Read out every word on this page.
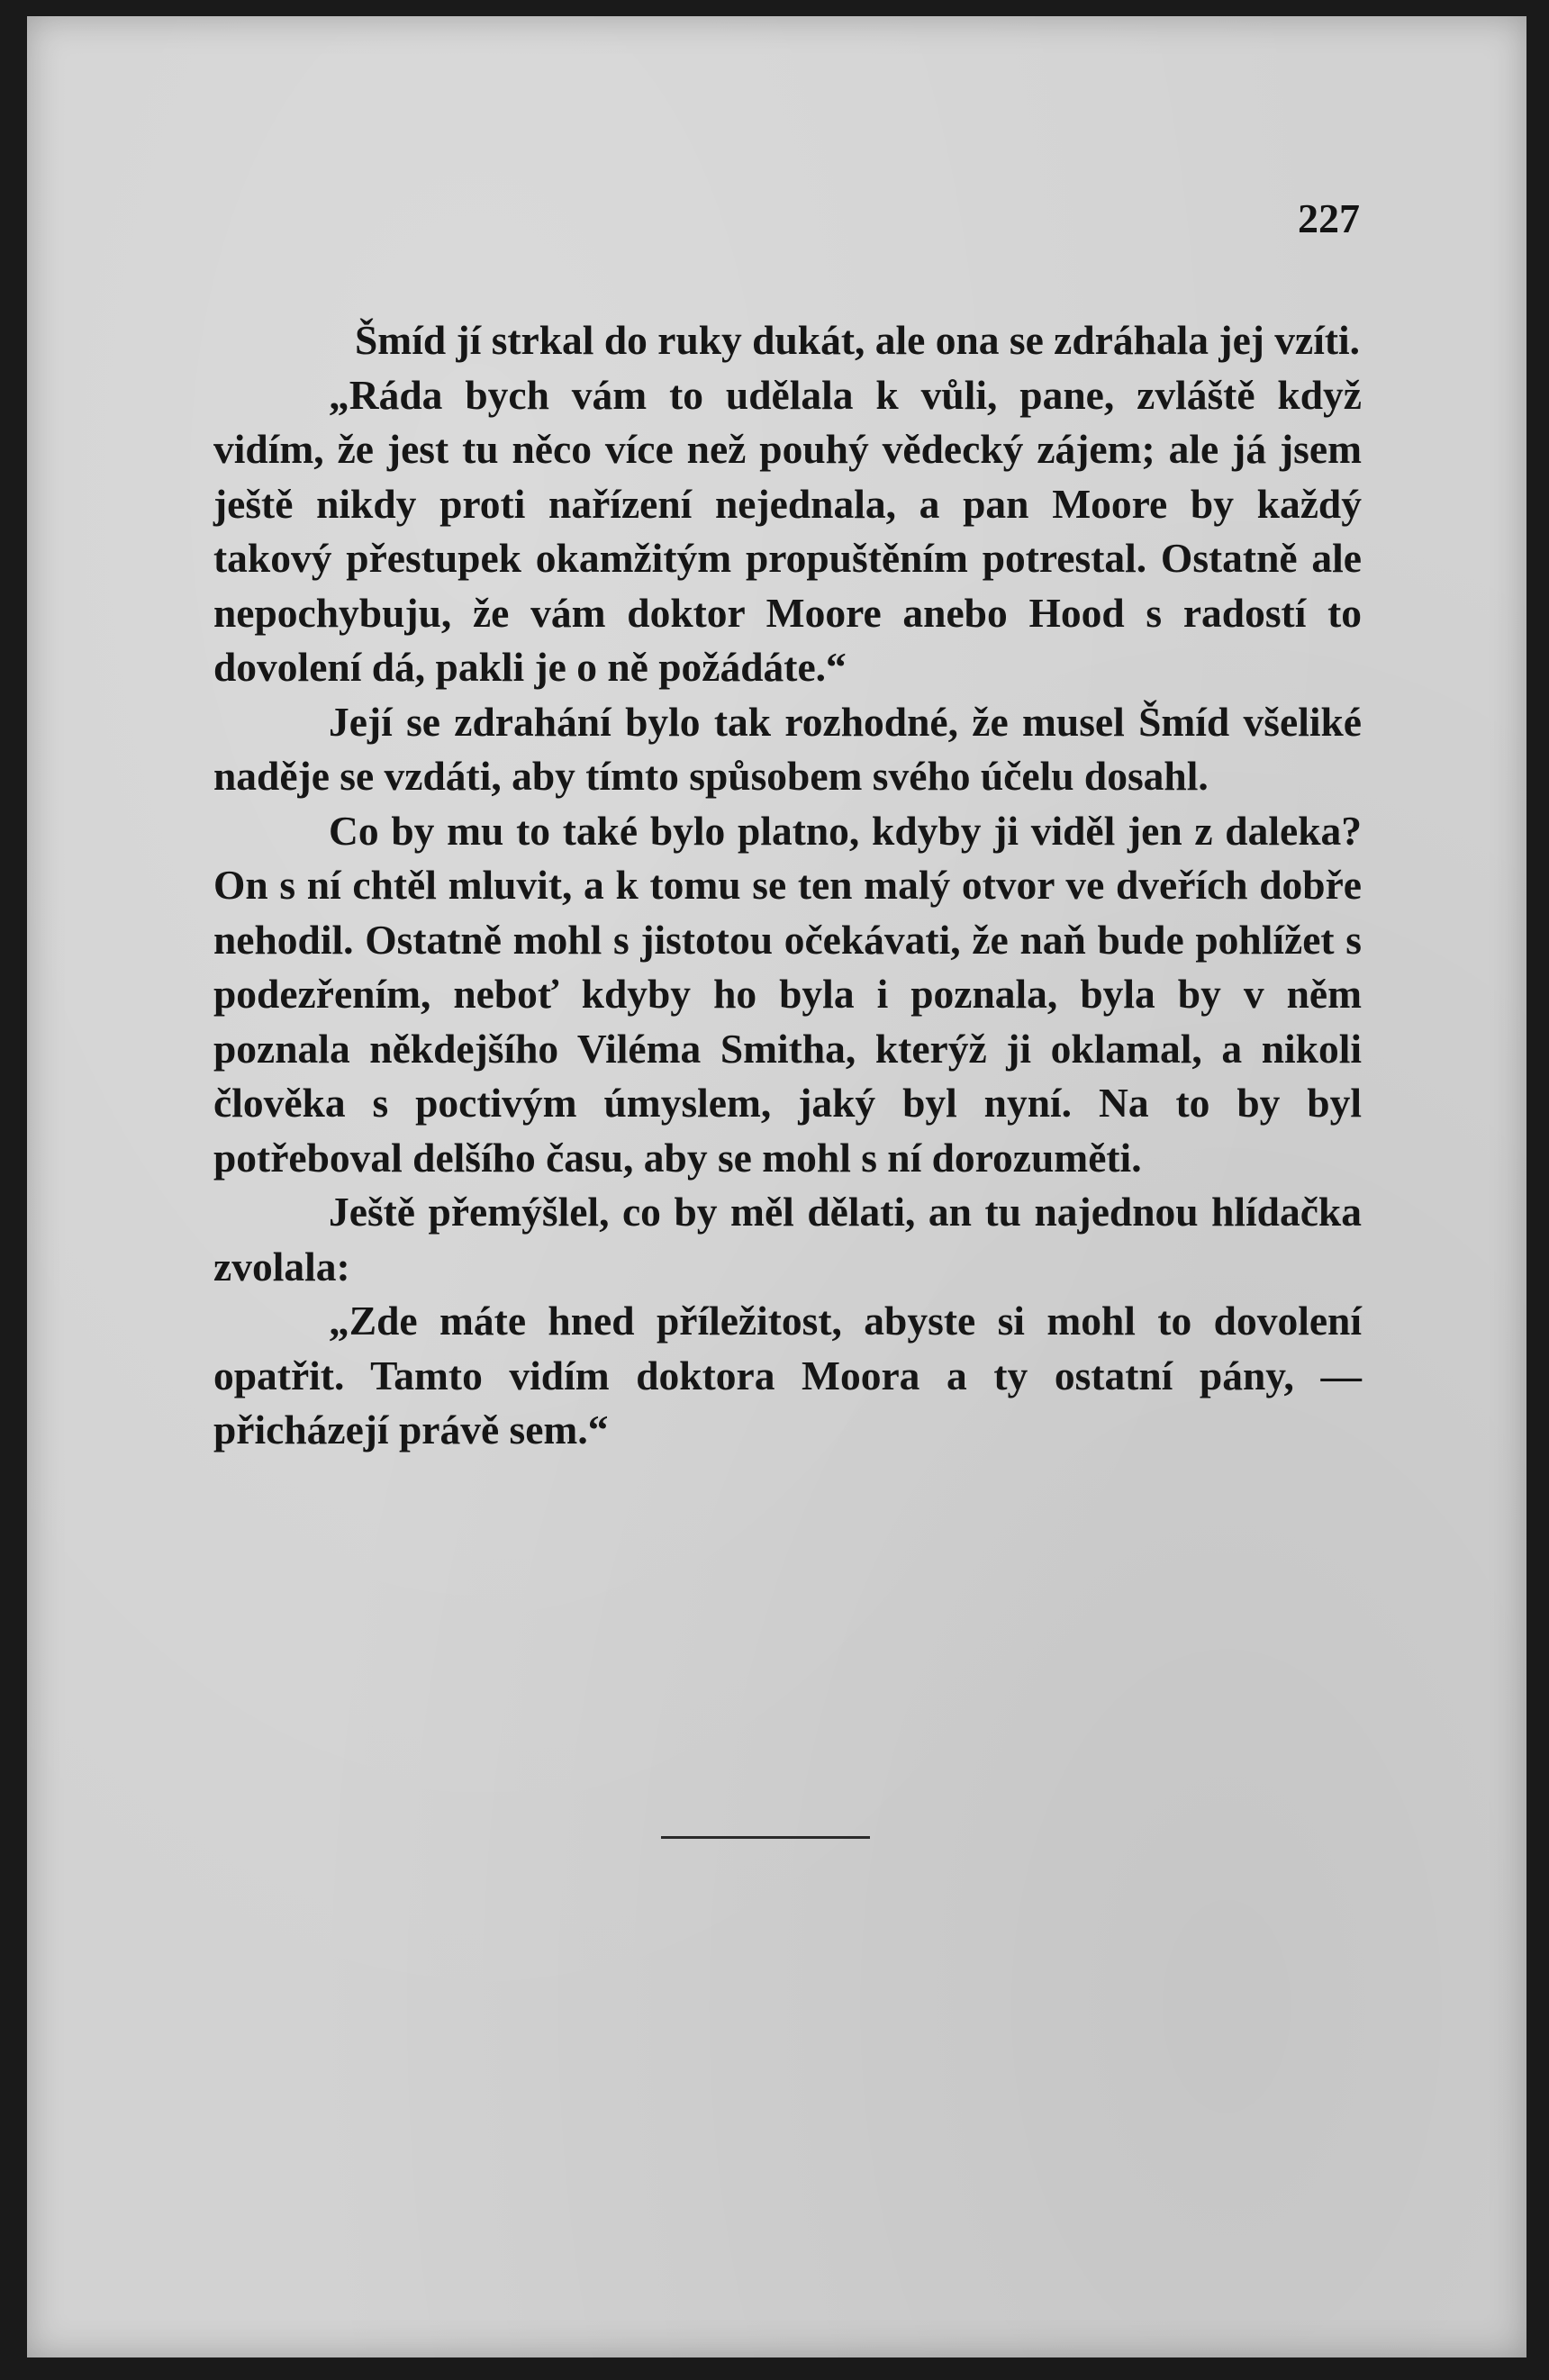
227

Šmíd jí strkal do ruky dukát, ale ona se zdráhala jej vzíti.

„Ráda bych vám to udělala k vůli, pane, zvláště když vidím, že jest tu něco více než pouhý vědecký zájem; ale já jsem ještě nikdy proti nařízení nejednala, a pan Moore by každý takový přestupek okamžitým propuštěním potrestal. Ostatně ale nepochybuju, že vám doktor Moore anebo Hood s radostí to dovolení dá, pakli je o ně požádáte.“

Její se zdrahání bylo tak rozhodné, že musel Šmíd všeliké naděje se vzdáti, aby tímto spůsobem svého účelu dosahl.

Co by mu to také bylo platno, kdyby ji viděl jen z daleka? On s ní chtěl mluvit, a k tomu se ten malý otvor ve dveřích dobře nehodil. Ostatně mohl s jistotou očekávati, že naň bude pohlížet s podezřením, neboť kdyby ho byla i poznala, byla by v něm poznala někdejšího Viléma Smitha, kterýž ji oklamal, a nikoli člověka s poctivým úmyslem, jaký byl nyní. Na to by byl potřeboval delšího času, aby se mohl s ní dorozuměti.

Ještě přemýšlel, co by měl dělati, an tu najednou hlídačka zvolala:

„Zde máte hned příležitost, abyste si mohl to dovolení opatřit. Tamto vidím doktora Moora a ty ostatní pány, — přicházejí právě sem.“
